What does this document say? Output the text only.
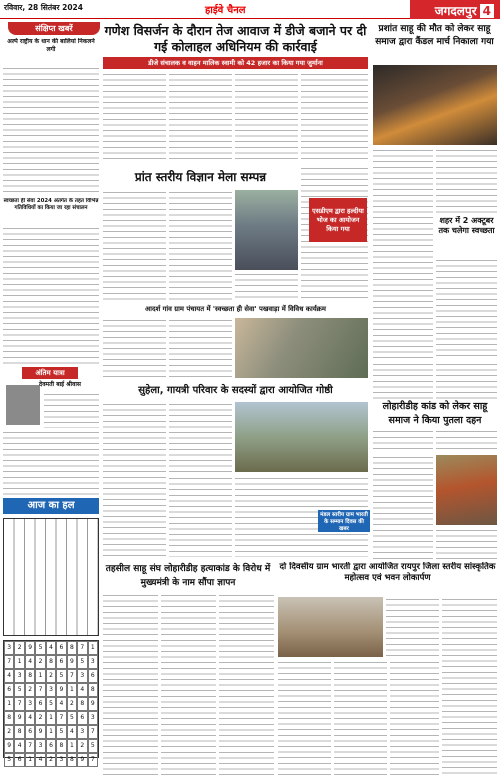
रविवार, 28 सितंबर 2024	हाईवे चैनल	जगदलपुर 4
संक्षिप्त खबरें
अल्पे राष्ट्रीय के धान की बालियां निकलने लगी
स्वच्छता ही सेवा 2024 अंतर्गत के तहत विभिन्न गतिविधियों का किया जा रहा संचालन
अंतिम यात्रा
देवमती बाई श्रीवास
आज का हल
3	2	9	5	4	6	8	7	1
7	1	4	2	8	6	9	5	3
4	3	8	1	2	5	7	3	6
6	5	2	7	3	9	1	4	8
1	7	3	6	5	4	2	8	9
8	9	4	2	1	7	5	6	3
2	8	6	9	1	5	4	3	7
9	4	7	3	6	8	1	2	5
5	6	1	4	2	3	8	9	7
गणेश विसर्जन के दौरान तेज आवाज में डीजे बजाने पर दी गई कोलाहल अधिनियम की कार्रवाई
डीजे संचालक व वाहन मालिक स्वामी को 42 हजार का किया गया जुर्माना
प्रांत स्तरीय विज्ञान मेला सम्पन्न
आदर्श गांव ग्राम पंचायत में 'स्वच्छता ही सेवा' पखवाड़ा में विविध कार्यक्रम
सुहेला, गायत्री परिवार के सदस्यों द्वारा आयोजित गोष्ठी
तहसील साहू संघ लोहारीडीह हत्याकांड के विरोध में मुख्यमंत्री के नाम सौंपा ज्ञापन
प्रशांत साहू की मौत को लेकर साहू समाज द्वारा कैंडल मार्च निकाला गया
एसडीएम द्वारा हल्दीया भोज का आयोजन किया गया
शहर में 2 अक्टूबर तक चलेगा स्वच्छता
लोहारीडीह कांड को लेकर साहू समाज ने किया पुतला दहन
मंडल स्तरीय ग्राम भारती के सम्मान दिवस की खबर
दो दिवसीय ग्राम भारती द्वारा आयोजित रायपुर जिला स्तरीय सांस्कृतिक महोत्सव एवं भवन लोकार्पण
